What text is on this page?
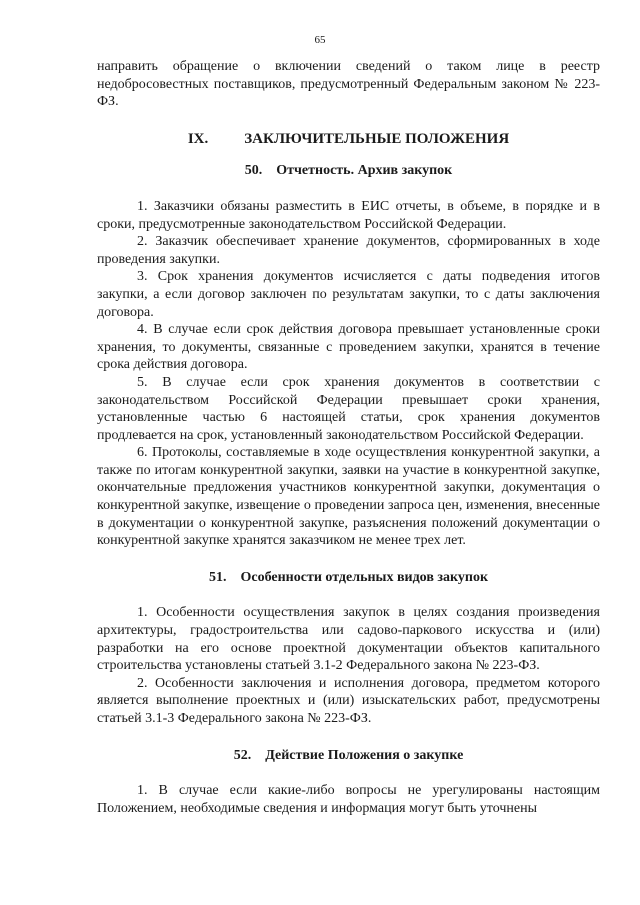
65

направить обращение о включении сведений о таком лице в реестр недобросовестных поставщиков, предусмотренный Федеральным законом № 223-ФЗ.

IX. ЗАКЛЮЧИТЕЛЬНЫЕ ПОЛОЖЕНИЯ

50. Отчетность. Архив закупок

1. Заказчики обязаны разместить в ЕИС отчеты, в объеме, в порядке и в сроки, предусмотренные законодательством Российской Федерации.

2. Заказчик обеспечивает хранение документов, сформированных в ходе проведения закупки.

3. Срок хранения документов исчисляется с даты подведения итогов закупки, а если договор заключен по результатам закупки, то с даты заключения договора.

4. В случае если срок действия договора превышает установленные сроки хранения, то документы, связанные с проведением закупки, хранятся в течение срока действия договора.

5. В случае если срок хранения документов в соответствии с законодательством Российской Федерации превышает сроки хранения, установленные частью 6 настоящей статьи, срок хранения документов продлевается на срок, установленный законодательством Российской Федерации.

6. Протоколы, составляемые в ходе осуществления конкурентной закупки, а также по итогам конкурентной закупки, заявки на участие в конкурентной закупке, окончательные предложения участников конкурентной закупки, документация о конкурентной закупке, извещение о проведении запроса цен, изменения, внесенные в документации о конкурентной закупке, разъяснения положений документации о конкурентной закупке хранятся заказчиком не менее трех лет.

51. Особенности отдельных видов закупок

1. Особенности осуществления закупок в целях создания произведения архитектуры, градостроительства или садово-паркового искусства и (или) разработки на его основе проектной документации объектов капитального строительства установлены статьей 3.1-2 Федерального закона № 223-ФЗ.

2. Особенности заключения и исполнения договора, предметом которого является выполнение проектных и (или) изыскательских работ, предусмотрены статьей 3.1-3 Федерального закона № 223-ФЗ.

52. Действие Положения о закупке

1. В случае если какие-либо вопросы не урегулированы настоящим Положением, необходимые сведения и информация могут быть уточнены
